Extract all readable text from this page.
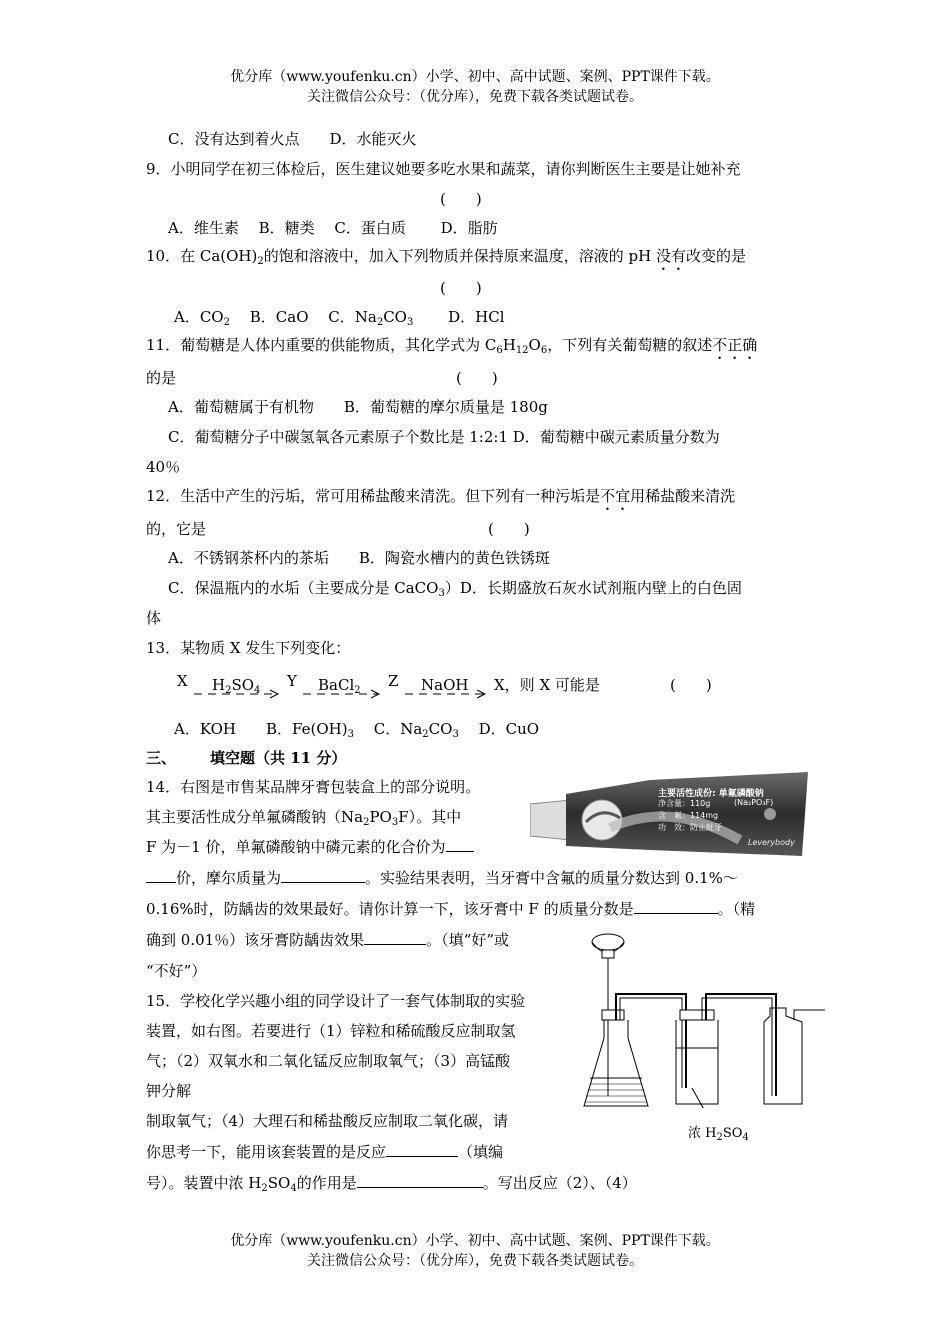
优分库（www.youfenku.cn）小学、初中、高中试题、案例、PPT课件下载。
关注微信公众号：（优分库），免费下载各类试题试卷。
C．没有达到着火点　　D．水能灭火
9．小明同学在初三体检后，医生建议她要多吃水果和蔬菜，请你判断医生主要是让她补充
(　　)
A．维生素　 B．糖类　 C．蛋白质　　 D．脂肪
10．在 $Ca(OH)_2$的饱和溶液中，加入下列物质并保持原来温度，溶液的 pH 没有改变的是
(　　)
A．$CO_2$　 B．CaO　 C．$Na_2CO_3$　　 D．HCl
11．葡萄糖是人体内重要的供能物质，其化学式为 $C_6H_{12}O_6$，下列有关葡萄糖的叙述不正确
的是	(　　)
A．葡萄糖属于有机物　　B．葡萄糖的摩尔质量是 180g
C．葡萄糖分子中碳氢氧各元素原子个数比是 1:2:1 D．葡萄糖中碳元素质量分数为
40％
12．生活中产生的污垢，常可用稀盐酸来清洗。但下列有一种污垢是不宜用稀盐酸来清洗
的，它是	(　　)
A．不锈钢茶杯内的茶垢　　B．陶瓷水槽内的黄色铁锈斑
C．保温瓶内的水垢（主要成分是 CaCO$_3$）D．长期盛放石灰水试剂瓶内壁上的白色固
体
13．某物质 X 发生下列变化：
X $H_2SO_4$
Y BaCl$_2$
Z NaOH X，则 X 可能是	(　　)
A．KOH　　B．$Fe(OH)_3$　 C．$Na_2CO_3$　 D．CuO
三、 填空题（共 11 分）
14．右图是市售某品牌牙膏包装盒上的部分说明。
其主要活性成分单氟磷酸钠$(Na_2PO_3F)$。其中
F 为－1 价，单氟磷酸钠中磷元素的化合价为
价，摩尔质量为	。实验结果表明，当牙膏中含氟的质量分数达到 0.1%～
0.16%时，防龋齿的效果最好。请你计算一下，该牙膏中 F 的质量分数是	。（精
确到 0.01％）该牙膏防龋齿效果	。（填“好”或
“不好”）
主要活性成份: 单氟磷酸钠
(Na₂PO₃F)
净含量：110g
含　氟：114mg
功　效：防止蛀牙
Leverybody
15．学校化学兴趣小组的同学设计了一套气体制取的实验
装置，如右图。若要进行（1）锌粒和稀硫酸反应制取氢
气；（2）双氧水和二氧化锰反应制取氧气；（3）高锰酸
钾分解
制取氧气；（4）大理石和稀盐酸反应制取二氧化碳，请
你思考一下，能用该套装置的是反应	（填编
号）。装置中浓 $H_2SO_4$的作用是	。写出反应（2）、（4）
浓 $H_2SO_4$
优分库（www.youfenku.cn）小学、初中、高中试题、案例、PPT课件下载。
关注微信公众号：（优分库），免费下载各类试题试卷。
